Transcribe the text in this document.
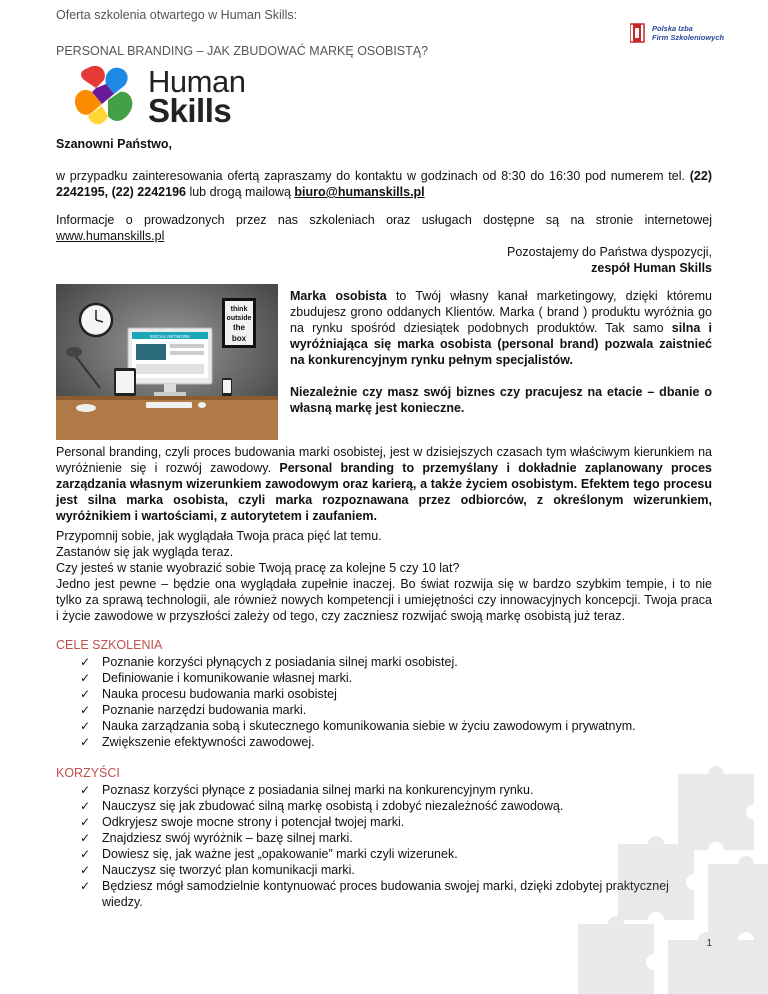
Oferta szkolenia otwartego w Human Skills:
PERSONAL BRANDING – JAK ZBUDOWAĆ MARKĘ OSOBISTĄ?
Polska Izba
Firm Szkoleniowych
Human
Skills
Szanowni Państwo,
w przypadku zainteresowania ofertą zapraszamy do kontaktu w godzinach od 8:30 do 16:30 pod numerem tel. (22) 2242195, (22) 2242196 lub drogą mailową biuro@humanskills.pl
Informacje o prowadzonych przez nas szkoleniach oraz usługach dostępne są na stronie internetowej www.humanskills.pl
Pozostajemy do Państwa dyspozycji,
zespół Human Skills
think
outside
the
box
SOCIAL NETWORK
Marka osobista to Twój własny kanał marketingowy, dzięki któremu zbudujesz grono oddanych Klientów. Marka ( brand ) produktu wyróżnia go na rynku spośród dziesiątek podobnych produktów. Tak samo silna i wyróżniająca się marka osobista (personal brand) pozwala zaistnieć na konkurencyjnym rynku pełnym specjalistów.
Niezależnie czy masz swój biznes czy pracujesz na etacie – dbanie o własną markę jest konieczne.
Personal branding, czyli proces budowania marki osobistej, jest w dzisiejszych czasach tym właściwym kierunkiem na wyróżnienie się i rozwój zawodowy. Personal branding to przemyślany i dokładnie zaplanowany proces zarządzania własnym wizerunkiem zawodowym oraz karierą, a także życiem osobistym. Efektem tego procesu jest silna marka osobista, czyli marka rozpoznawana przez odbiorców, z określonym wizerunkiem, wyróżnikiem i wartościami, z autorytetem i zaufaniem.
Przypomnij sobie, jak wyglądała Twoja praca pięć lat temu.
Zastanów się jak wygląda teraz.
Czy jesteś w stanie wyobrazić sobie Twoją pracę za kolejne 5 czy 10 lat?
Jedno jest pewne – będzie ona wyglądała zupełnie inaczej. Bo świat rozwija się w bardzo szybkim tempie, i to nie tylko za sprawą technologii, ale również nowych kompetencji i umiejętności czy innowacyjnych koncepcji. Twoja praca i życie zawodowe w przyszłości zależy od tego, czy zaczniesz rozwijać swoją markę osobistą już teraz.
CELE SZKOLENIA
✓ Poznanie korzyści płynących z posiadania silnej marki osobistej.
✓ Definiowanie i komunikowanie własnej marki.
✓ Nauka procesu budowania marki osobistej
✓ Poznanie narzędzi budowania marki.
✓ Nauka zarządzania sobą i skutecznego komunikowania siebie w życiu zawodowym i prywatnym.
✓ Zwiększenie efektywności zawodowej.
KORZYŚCI
✓ Poznasz korzyści płynące z posiadania silnej marki na konkurencyjnym rynku.
✓ Nauczysz się jak zbudować silną markę osobistą i zdobyć niezależność zawodową.
✓ Odkryjesz swoje mocne strony i potencjał twojej marki.
✓ Znajdziesz swój wyróżnik – bazę silnej marki.
✓ Dowiesz się, jak ważne jest „opakowanie” marki czyli wizerunek.
✓ Nauczysz się tworzyć plan komunikacji marki.
✓ Będziesz mógł samodzielnie kontynuować proces budowania swojej marki, dzięki zdobytej praktycznej wiedzy.
1
